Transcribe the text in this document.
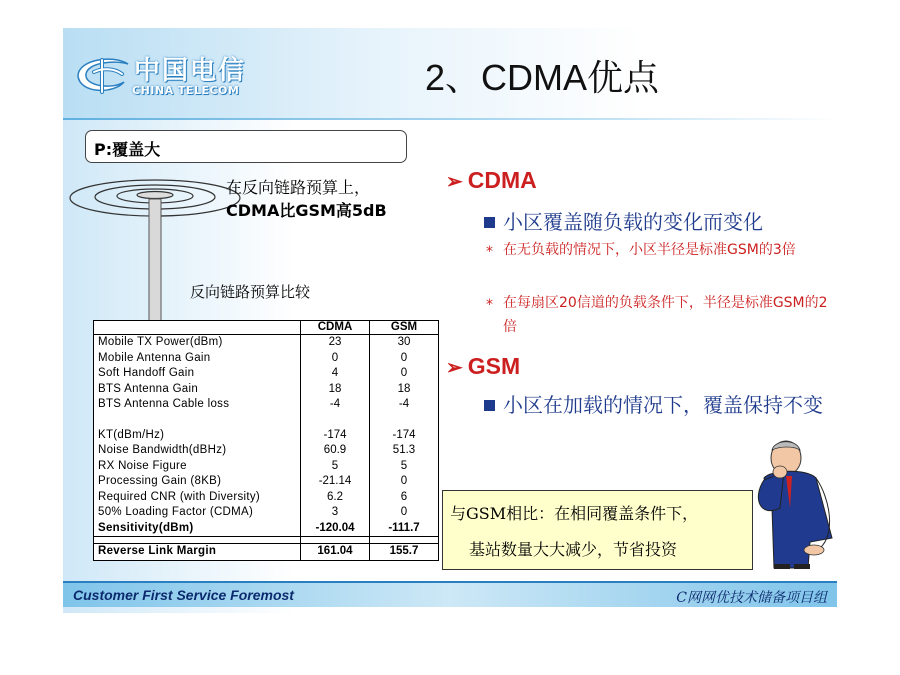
中国电信
CHINA TELECOM	2、CDMA优点
P:覆盖大
在反向链路预算上，
CDMA比GSM高5dB
反向链路预算比较
	CDMA	GSM
Mobile TX Power(dBm)	23	30
Mobile Antenna Gain	0	0
Soft Handoff Gain	4	0
BTS Antenna Gain	18	18
BTS Antenna Cable loss	-4	-4

KT(dBm/Hz)	-174	-174
Noise Bandwidth(dBHz)	60.9	51.3
RX Noise Figure	5	5
Processing Gain (8KB)	-21.14	0
Required CNR (with Diversity)	6.2	6
50% Loading Factor (CDMA)	3	0
Sensitivity(dBm)	-120.04	-111.7

Reverse Link Margin	161.04	155.7
➢ CDMA
小区覆盖随负载的变化而变化
* 在无负载的情况下，小区半径是标准GSM的3倍
* 在每扇区20信道的负载条件下，半径是标准GSM的2倍
➢ GSM
小区在加载的情况下，覆盖保持不变
与GSM相比：在相同覆盖条件下，
基站数量大大减少，节省投资
Customer First Service Foremost	C网网优技术储备项目组
